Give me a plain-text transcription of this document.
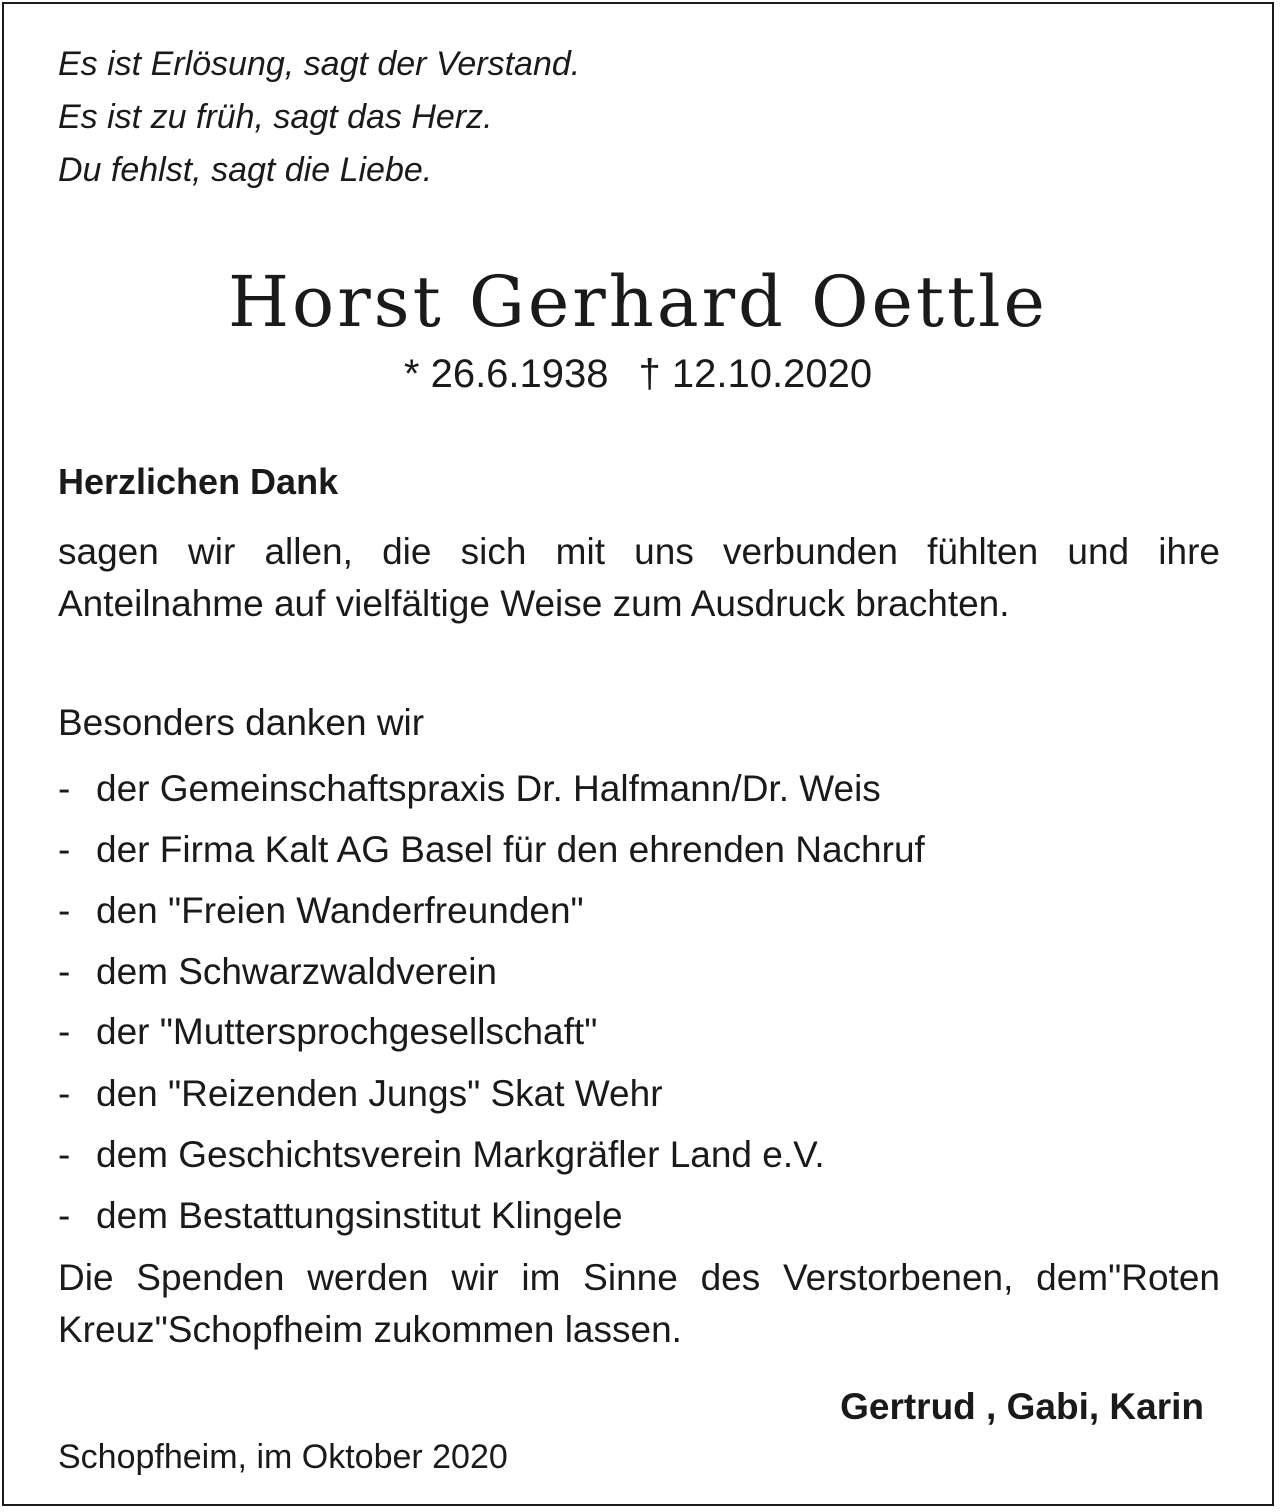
Es ist Erlösung, sagt der Verstand.
Es ist zu früh, sagt das Herz.
Du fehlst, sagt die Liebe.
Horst Gerhard Oettle
* 26.6.1938 † 12.10.2020
Herzlichen Dank
sagen wir allen, die sich mit uns verbunden fühlten und ihre Anteilnahme auf vielfältige Weise zum Ausdruck brachten.
Besonders danken wir
- der Gemeinschaftspraxis Dr. Halfmann/Dr. Weis
- der Firma Kalt AG Basel für den ehrenden Nachruf
- den "Freien Wanderfreunden"
- dem Schwarzwaldverein
- der "Muttersprochgesellschaft"
- den "Reizenden Jungs" Skat Wehr
- dem Geschichtsverein Markgräfler Land e.V.
- dem Bestattungsinstitut Klingele
Die Spenden werden wir im Sinne des Verstorbenen, dem"Roten Kreuz"Schopfheim zukommen lassen.
Gertrud , Gabi, Karin
Schopfheim, im Oktober 2020
